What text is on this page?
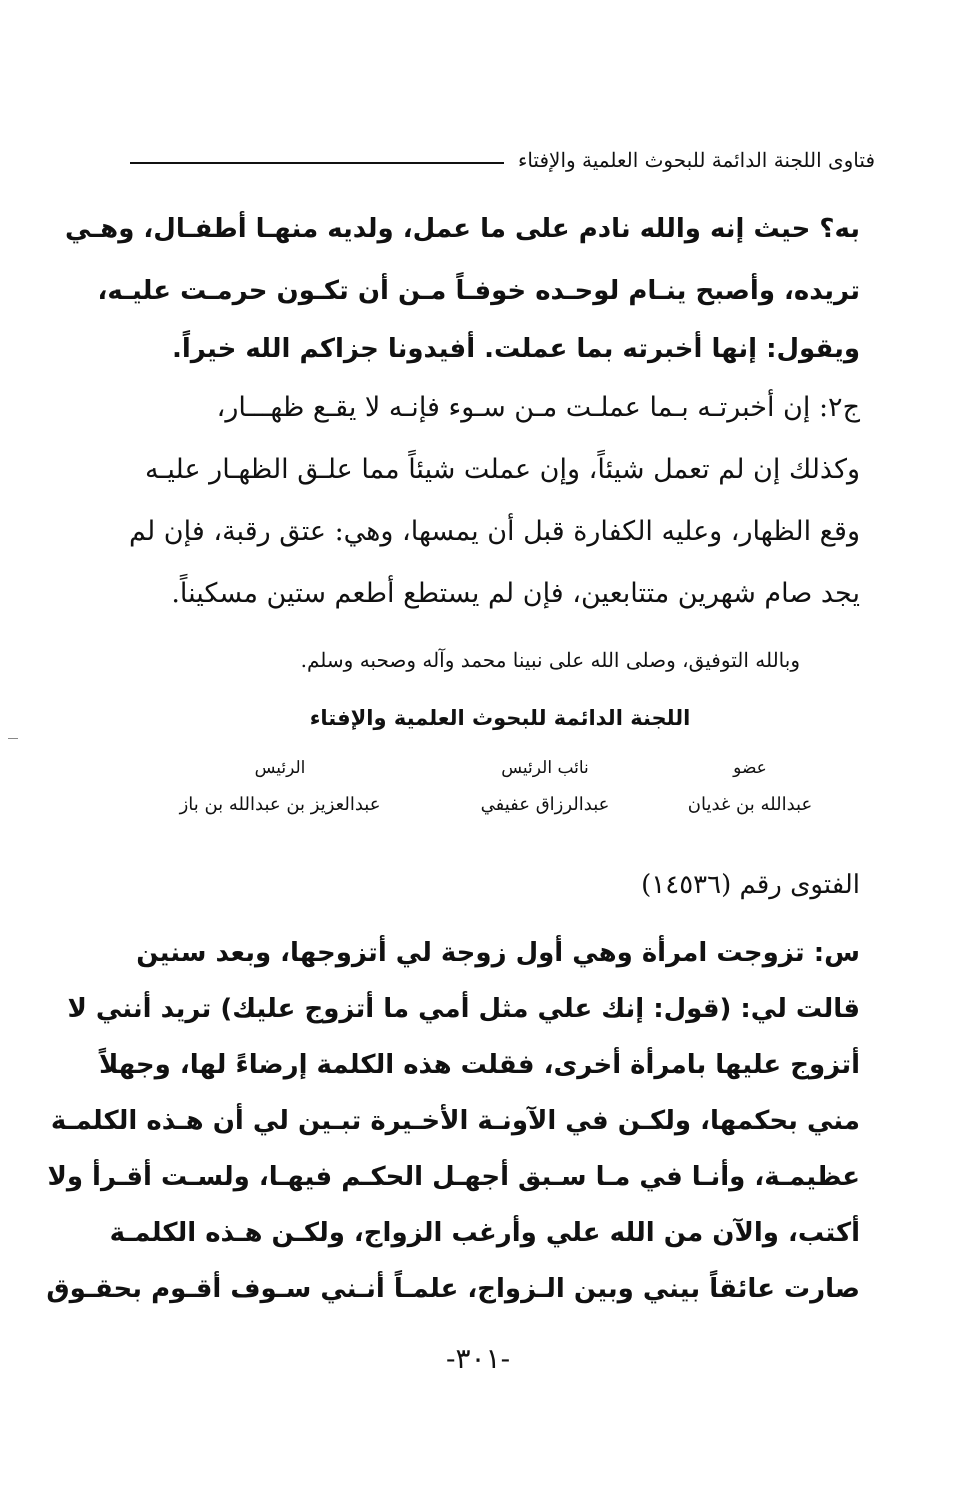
فتاوى اللجنة الدائمة للبحوث العلمية والإفتاء
به؟ حيث إنه والله نادم على ما عمل، ولديه منهـا أطفـال، وهـي
تريده، وأصبح ينـام لوحـده خوفـاً مـن أن تكـون حرمـت عليـه،
ويقول: إنها أخبرته بما عملت. أفيدونا جزاكم الله خيراً.
ج٢: إن أخبرتـه بـما عملـت مـن سـوء فإنـه لا يقـع ظهـــار،
وكذلك إن لم تعمل شيئاً، وإن عملت شيئاً مما علـق الظهـار عليـه
وقع الظهار، وعليه الكفارة قبل أن يمسها، وهي: عتق رقبة، فإن لم
يجد صام شهرين متتابعين، فإن لم يستطع أطعم ستين مسكيناً.
وبالله التوفيق، وصلى الله على نبينا محمد وآله وصحبه وسلم.
اللجنة الدائمة للبحوث العلمية والإفتاء
عضو
عبدالله بن غديان
نائب الرئيس
عبدالرزاق عفيفي
الرئيس
عبدالعزيز بن عبدالله بن باز
الفتوى رقم (١٤٥٣٦)
س: تزوجت امرأة وهي أول زوجة لي أتزوجها، وبعد سنين
قالت لي: (قول: إنك علي مثل أمي ما أتزوج عليك) تريد أنني لا
أتزوج عليها بامرأة أخرى، فقلت هذه الكلمة إرضاءً لها، وجهلاً
مني بحكمها، ولكـن في الآونـة الأخـيرة تبـين لي أن هـذه الكلمـة
عظيمـة، وأنـا في مـا سـبق أجهـل الحكـم فيهـا، ولسـت أقـرأ ولا
أكتب، والآن من الله علي وأرغب الزواج، ولكـن هـذه الكلمـة
صارت عائقاً بيني وبين الـزواج، علمـاً أنـني سـوف أقـوم بحقـوق
-٣٠١-
